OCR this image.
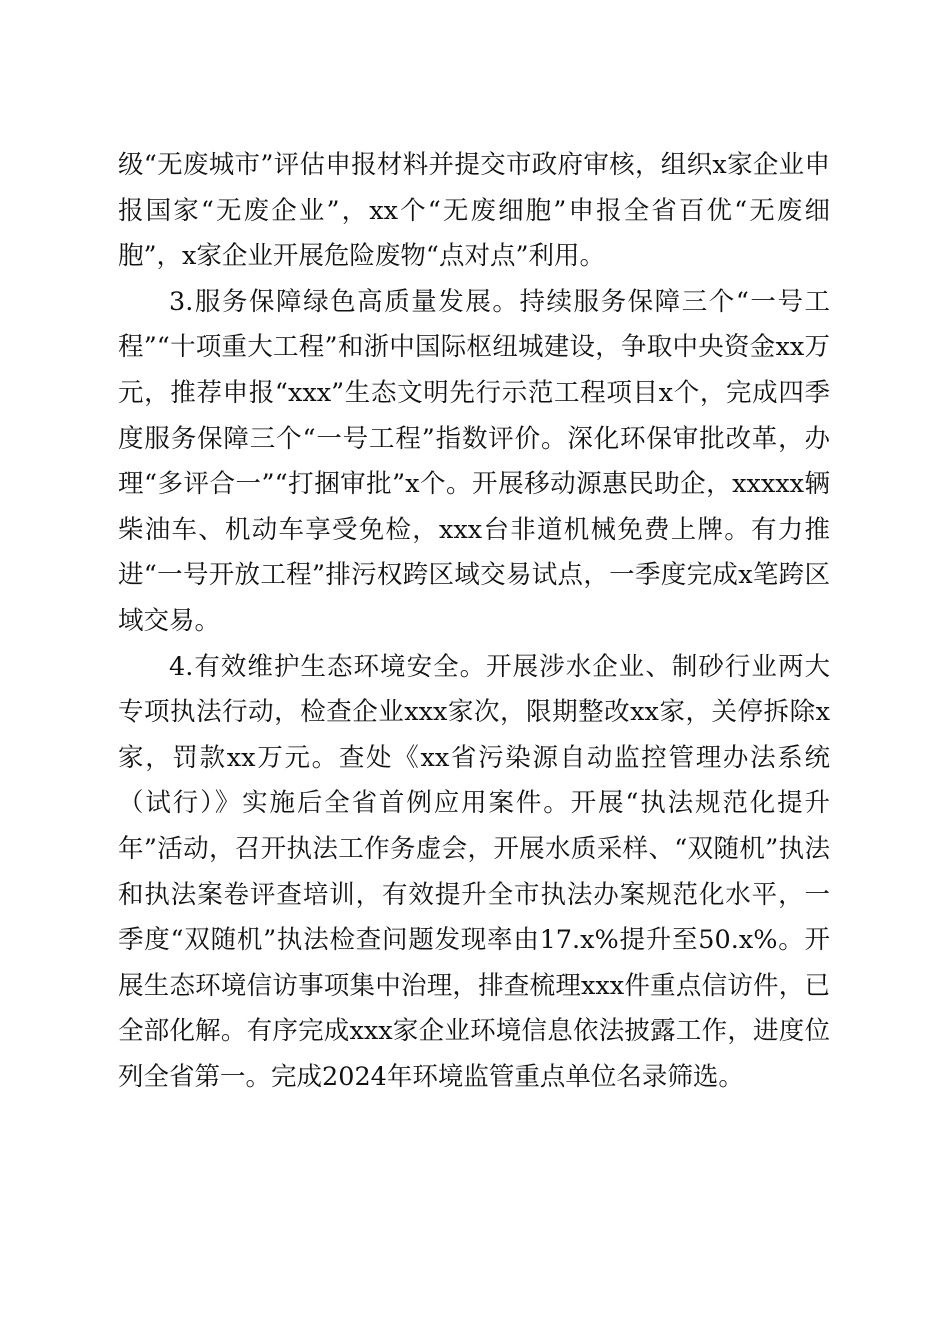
级“无废城市”评估申报材料并提交市政府审核，组织x家企业申报国家“无废企业”，xx个“无废细胞”申报全省百优“无废细胞”，x家企业开展危险废物“点对点”利用。

3.服务保障绿色高质量发展。持续服务保障三个“一号工程”“十项重大工程”和浙中国际枢纽城建设，争取中央资金xx万元，推荐申报“xxx”生态文明先行示范工程项目x个，完成四季度服务保障三个“一号工程”指数评价。深化环保审批改革，办理“多评合一”“打捆审批”x个。开展移动源惠民助企，xxxxx辆柴油车、机动车享受免检，xxx台非道机械免费上牌。有力推进“一号开放工程”排污权跨区域交易试点，一季度完成x笔跨区域交易。

4.有效维护生态环境安全。开展涉水企业、制砂行业两大专项执法行动，检查企业xxx家次，限期整改xx家，关停拆除x家，罚款xx万元。查处《xx省污染源自动监控管理办法系统（试行）》实施后全省首例应用案件。开展“执法规范化提升年”活动，召开执法工作务虚会，开展水质采样、“双随机”执法和执法案卷评查培训，有效提升全市执法办案规范化水平，一季度“双随机”执法检查问题发现率由17.x%提升至50.x%。开展生态环境信访事项集中治理，排查梳理xxx件重点信访件，已全部化解。有序完成xxx家企业环境信息依法披露工作，进度位列全省第一。完成2024年环境监管重点单位名录筛选。
